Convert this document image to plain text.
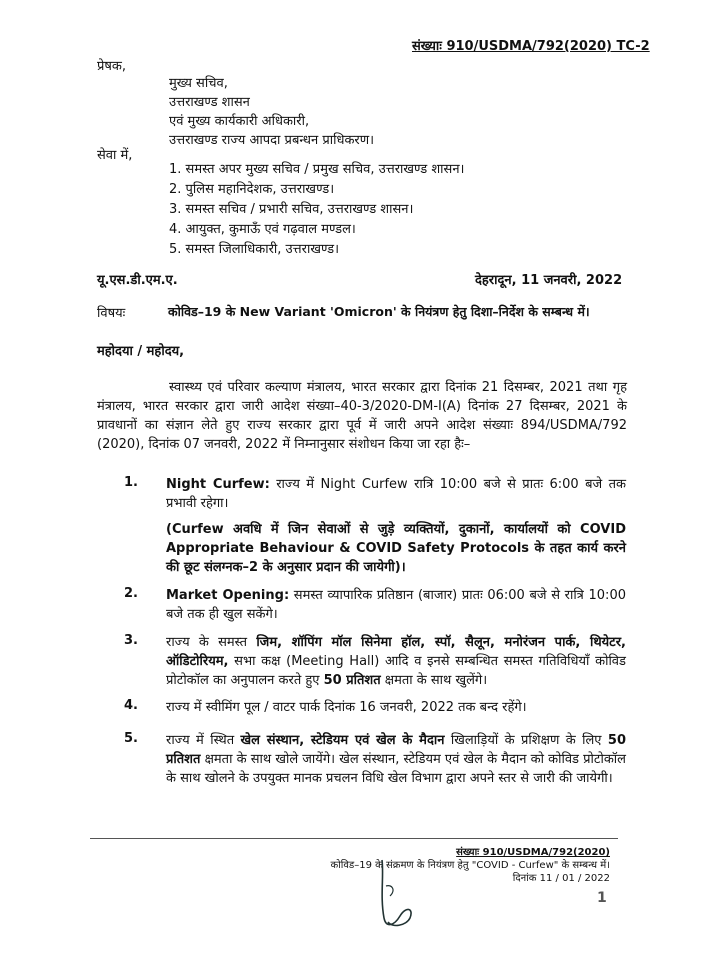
संख्याः 910/USDMA/792(2020) TC-2
प्रेषक,
मुख्य सचिव,
उत्तराखण्ड शासन
एवं मुख्य कार्यकारी अधिकारी,
उत्तराखण्ड राज्य आपदा प्रबन्धन प्राधिकरण।
सेवा में,
1. समस्त अपर मुख्य सचिव / प्रमुख सचिव, उत्तराखण्ड शासन।
2. पुलिस महानिदेशक, उत्तराखण्ड।
3. समस्त सचिव / प्रभारी सचिव, उत्तराखण्ड शासन।
4. आयुक्त, कुमाऊँ एवं गढ़वाल मण्डल।
5. समस्त जिलाधिकारी, उत्तराखण्ड।
यू.एस.डी.एम.ए.	देहरादून, 11 जनवरी, 2022
विषयः	कोविड–19 के New Variant 'Omicron' के नियंत्रण हेतु दिशा–निर्देश के सम्बन्ध में।
महोदया / महोदय,
स्वास्थ्य एवं परिवार कल्याण मंत्रालय, भारत सरकार द्वारा दिनांक 21 दिसम्बर, 2021 तथा गृह मंत्रालय, भारत सरकार द्वारा जारी आदेश संख्या–40-3/2020-DM-I(A) दिनांक 27 दिसम्बर, 2021 के प्रावधानों का संज्ञान लेते हुए राज्य सरकार द्वारा पूर्व में जारी अपने आदेश संख्याः 894/USDMA/792 (2020), दिनांक 07 जनवरी, 2022 में निम्नानुसार संशोधन किया जा रहा हैः–
1. Night Curfew: राज्य में Night Curfew रात्रि 10:00 बजे से प्रातः 6:00 बजे तक प्रभावी रहेगा।
(Curfew अवधि में जिन सेवाओं से जुड़े व्यक्तियों, दुकानों, कार्यालयों को COVID Appropriate Behaviour & COVID Safety Protocols के तहत कार्य करने की छूट संलग्नक–2 के अनुसार प्रदान की जायेगी)।
2. Market Opening: समस्त व्यापारिक प्रतिष्ठान (बाजार) प्रातः 06:00 बजे से रात्रि 10:00 बजे तक ही खुल सकेंगे।
3. राज्य के समस्त जिम, शॉपिंग मॉल सिनेमा हॉल, स्पॉ, सैलून, मनोरंजन पार्क, थियेटर, ऑडिटोरियम, सभा कक्ष (Meeting Hall) आदि व इनसे सम्बन्धित समस्त गतिविधियाँ कोविड प्रोटोकॉल का अनुपालन करते हुए 50 प्रतिशत क्षमता के साथ खुलेंगे।
4. राज्य में स्वीमिंग पूल / वाटर पार्क दिनांक 16 जनवरी, 2022 तक बन्द रहेंगे।
5. राज्य में स्थित खेल संस्थान, स्टेडियम एवं खेल के मैदान खिलाड़ियों के प्रशिक्षण के लिए 50 प्रतिशत क्षमता के साथ खोले जायेंगे। खेल संस्थान, स्टेडियम एवं खेल के मैदान को कोविड प्रोटोकॉल के साथ खोलने के उपयुक्त मानक प्रचलन विधि खेल विभाग द्वारा अपने स्तर से जारी की जायेगी।
संख्याः 910/USDMA/792(2020)
कोविड–19 के संक्रमण के नियंत्रण हेतु "COVID - Curfew" के सम्बन्ध में।
दिनांक 11 / 01 / 2022
1
